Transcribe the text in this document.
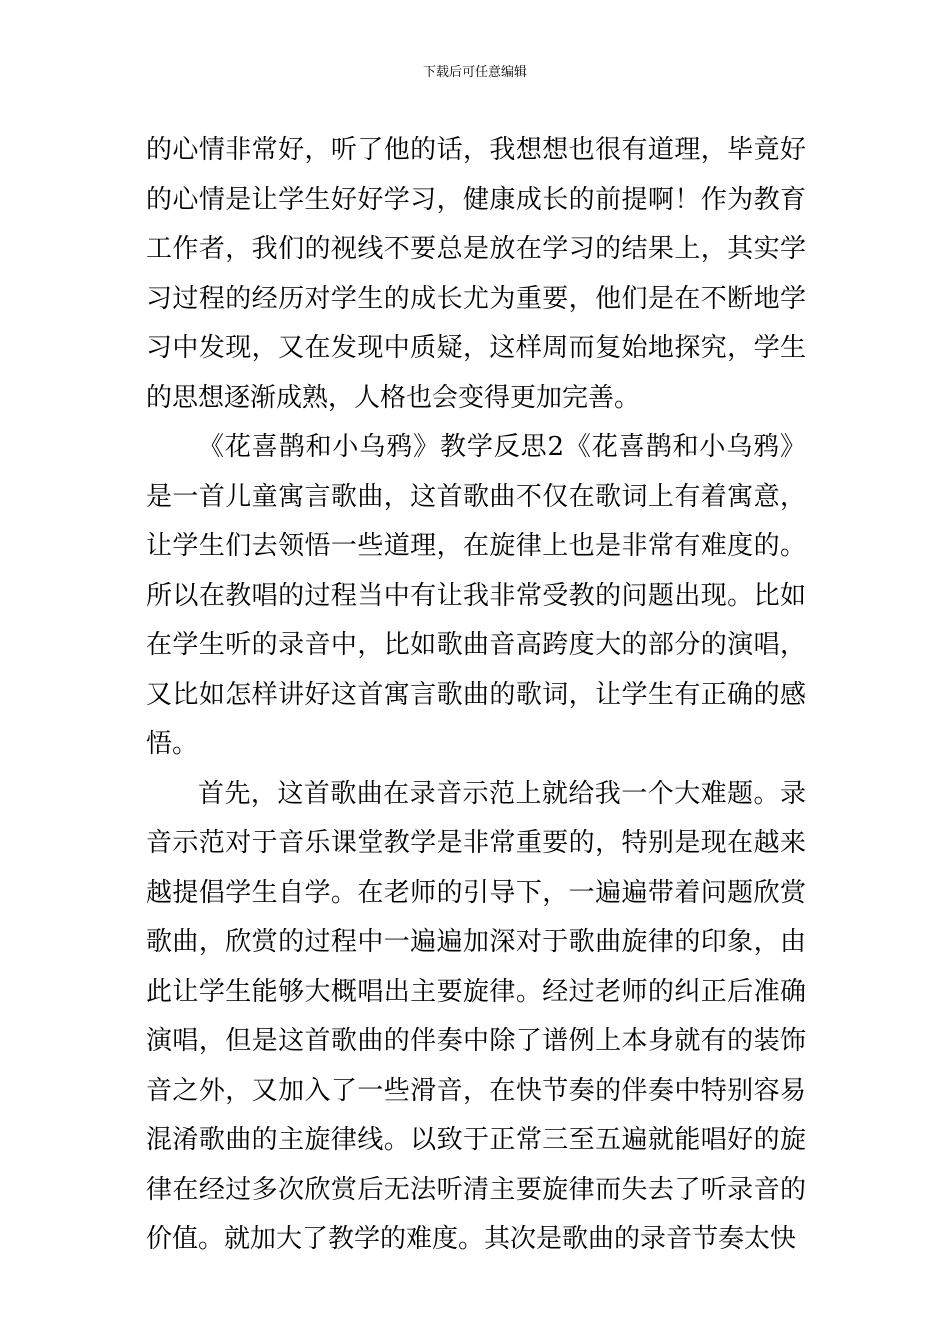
下载后可任意编辑

的心情非常好，听了他的话，我想想也很有道理，毕竟好的心情是让学生好好学习，健康成长的前提啊！作为教育工作者，我们的视线不要总是放在学习的结果上，其实学习过程的经历对学生的成长尤为重要，他们是在不断地学习中发现，又在发现中质疑，这样周而复始地探究，学生的思想逐渐成熟，人格也会变得更加完善。

《花喜鹊和小乌鸦》教学反思2《花喜鹊和小乌鸦》是一首儿童寓言歌曲，这首歌曲不仅在歌词上有着寓意，让学生们去领悟一些道理，在旋律上也是非常有难度的。所以在教唱的过程当中有让我非常受教的问题出现。比如在学生听的录音中，比如歌曲音高跨度大的部分的演唱，又比如怎样讲好这首寓言歌曲的歌词，让学生有正确的感悟。

首先，这首歌曲在录音示范上就给我一个大难题。录音示范对于音乐课堂教学是非常重要的，特别是现在越来越提倡学生自学。在老师的引导下，一遍遍带着问题欣赏歌曲，欣赏的过程中一遍遍加深对于歌曲旋律的印象，由此让学生能够大概唱出主要旋律。经过老师的纠正后准确演唱，但是这首歌曲的伴奏中除了谱例上本身就有的装饰音之外，又加入了一些滑音，在快节奏的伴奏中特别容易混淆歌曲的主旋律线。以致于正常三至五遍就能唱好的旋律在经过多次欣赏后无法听清主要旋律而失去了听录音的价值。就加大了教学的难度。其次是歌曲的录音节奏太快
